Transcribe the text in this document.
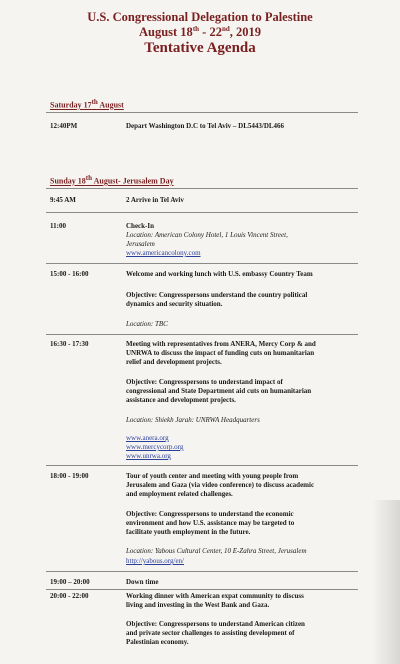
U.S. Congressional Delegation to Palestine
August 18th - 22nd, 2019
Tentative Agenda
Saturday 17th August
12:40PM	Depart Washington D.C to Tel Aviv – DL5443/DL466
Sunday 18th August- Jerusalem Day
9:45 AM	2 Arrive in Tel Aviv
11:00	Check-In
Location: American Colony Hotel, 1 Louis Vincent Street,
Jerusalem
www.americancolony.com
15:00 - 16:00	Welcome and working lunch with U.S. embassy Country Team
Objective: Congresspersons understand the country political
dynamics and security situation.
Location: TBC
16:30 - 17:30	Meeting with representatives from ANERA, Mercy Corp & and
UNRWA to discuss the impact of funding cuts on humanitarian
relief and development projects.
Objective: Congresspersons to understand impact of
congressional and State Department aid cuts on humanitarian
assistance and development projects.
Location: Shiekh Jarah: UNRWA Headquarters
www.anera.org
www.mercycorp.org
www.unrwa.org
18:00 - 19:00	Tour of youth center and meeting with young people from
Jerusalem and Gaza (via video conference) to discuss academic
and employment related challenges.
Objective: Congresspersons to understand the economic
environment and how U.S. assistance may be targeted to
facilitate youth employment in the future.
Location: Yabous Cultural Center, 10 E-Zahra Street, Jerusalem
http://yabous.org/en/
19:00 – 20:00	Down time
20:00 - 22:00	Working dinner with American expat community to discuss
living and investing in the West Bank and Gaza.
Objective: Congresspersons to understand American citizen
and private sector challenges to assisting development of
Palestinian economy.
